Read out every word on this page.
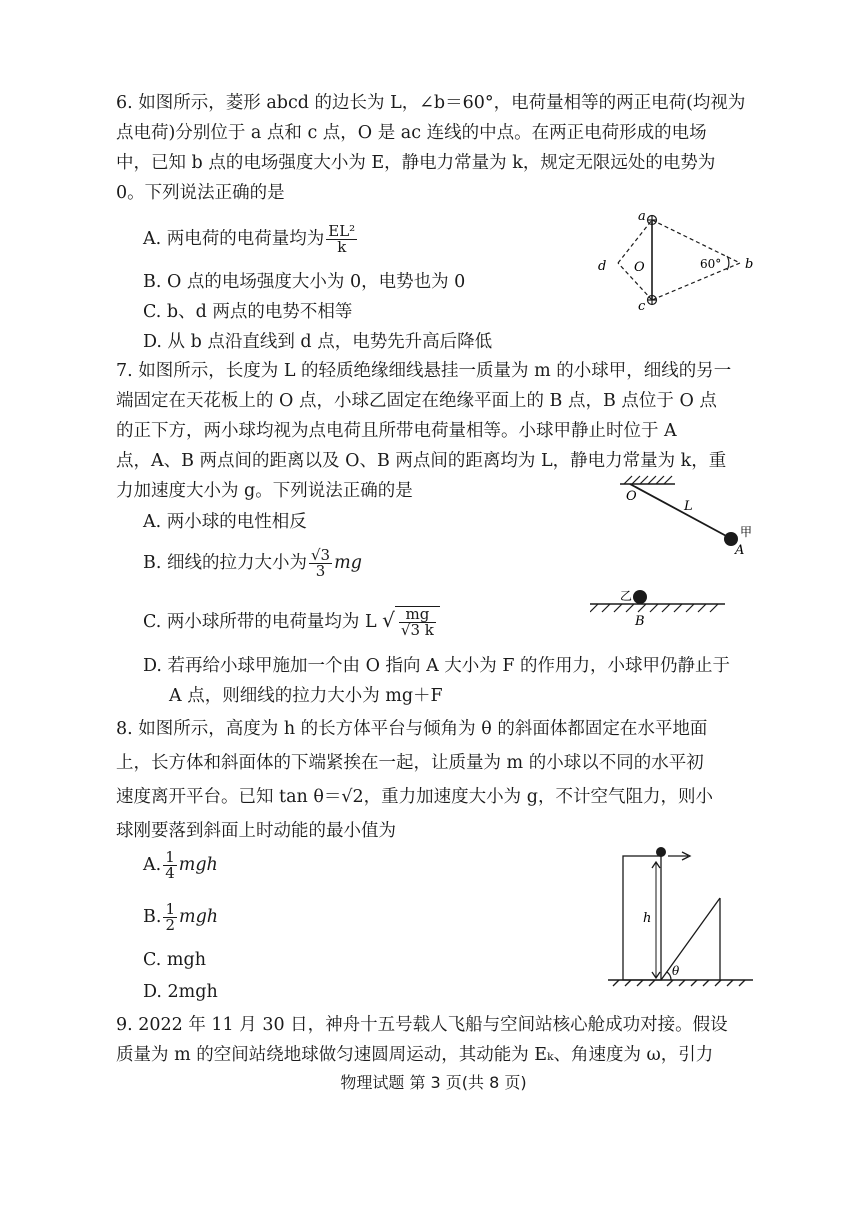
6. 如图所示，菱形 abcd 的边长为 L，∠b＝60°，电荷量相等的两正电荷(均视为
点电荷)分别位于 a 点和 c 点，O 是 ac 连线的中点。在两正电荷形成的电场
中，已知 b 点的电场强度大小为 E，静电力常量为 k，规定无限远处的电势为
0。下列说法正确的是
A. 两电荷的电荷量均为 $\frac{\text{EL²}}{k}$
B. O 点的电场强度大小为 0，电势也为 0
C. b、d 两点的电势不相等
D. 从 b 点沿直线到 d 点，电势先升高后降低
a
c
d	b
O	60°
7. 如图所示，长度为 L 的轻质绝缘细线悬挂一质量为 m 的小球甲，细线的另一
端固定在天花板上的 O 点，小球乙固定在绝缘平面上的 B 点，B 点位于 O 点
的正下方，两小球均视为点电荷且所带电荷量相等。小球甲静止时位于 A
点，A、B 两点间的距离以及 O、B 两点间的距离均为 L，静电力常量为 k，重
力加速度大小为 g。下列说法正确的是
A. 两小球的电性相反
B. 细线的拉力大小为 $\frac{√3}{3}$ mg
C. 两小球所带的电荷量均为 L √ $\frac{mg}{√3 k}$
D. 若再给小球甲施加一个由 O 指向 A 大小为 F 的作用力，小球甲仍静止于
A 点，则细线的拉力大小为 mg＋F
O
L
甲
A
乙
B
8. 如图所示，高度为 h 的长方体平台与倾角为 θ 的斜面体都固定在水平地面
上，长方体和斜面体的下端紧挨在一起，让质量为 m 的小球以不同的水平初
速度离开平台。已知 tan θ＝√2，重力加速度大小为 g，不计空气阻力，则小
球刚要落到斜面上时动能的最小值为
A. $\frac{1}{4}$ mgh
B. $\frac{1}{2}$ mgh
C. mgh
D. 2mgh
h
θ
9. 2022 年 11 月 30 日，神舟十五号载人飞船与空间站核心舱成功对接。假设
质量为 m 的空间站绕地球做匀速圆周运动，其动能为 Eₖ、角速度为 ω，引力
物理试题 第 3 页(共 8 页)
